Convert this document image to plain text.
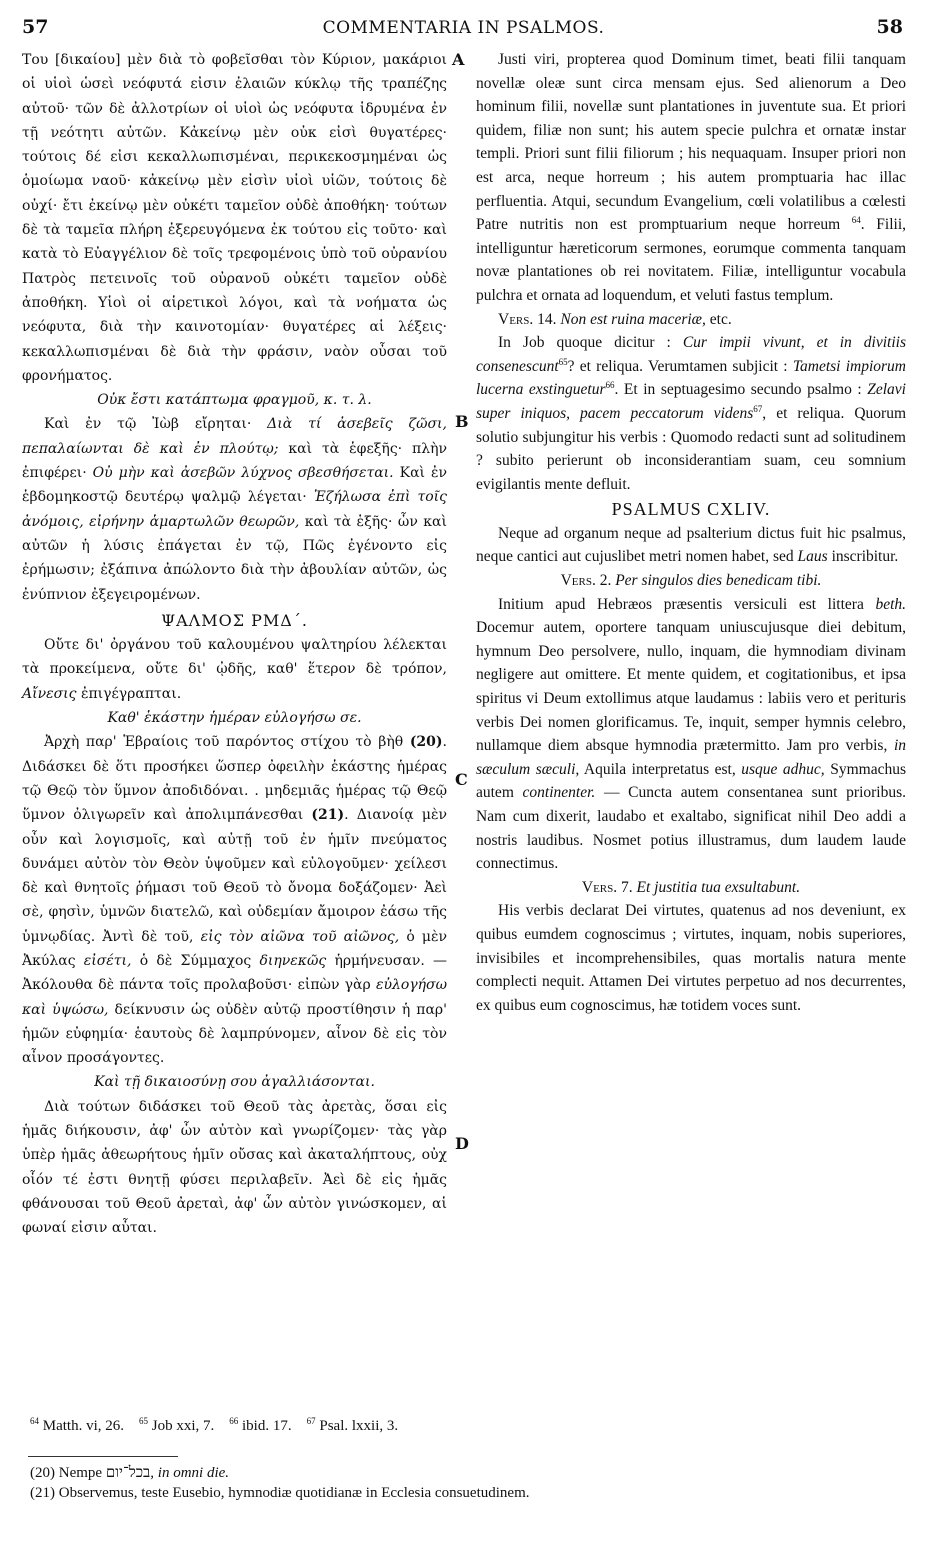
57	COMMENTARIA IN PSALMOS.	58
A
B
C
D

Του [δικαίου] μὲν διὰ τὸ φοβεῖσθαι τὸν Κύριον, μακάριοι οἱ υἱοὶ ὡσεὶ νεόφυτά εἰσιν ἐλαιῶν κύκλῳ τῆς τραπέζης αὐτοῦ· τῶν δὲ ἀλλοτρίων οἱ υἱοὶ ὡς νεόφυτα ἱδρυμένα ἐν τῇ νεότητι αὐτῶν. Κἀκείνῳ μὲν οὐκ εἰσὶ θυγατέρες· τούτοις δέ εἰσι κεκαλλωπισμέναι, περικεκοσμημέναι ὡς ὁμοίωμα ναοῦ· κἀκείνῳ μὲν εἰσὶν υἱοὶ υἱῶν, τούτοις δὲ οὐχί· ἔτι ἐκείνῳ μὲν οὐκέτι ταμεῖον οὐδὲ ἀποθήκη· τούτων δὲ τὰ ταμεῖα πλήρη ἐξερευγόμενα ἐκ τούτου εἰς τοῦτο· καὶ κατὰ τὸ Εὐαγγέλιον δὲ τοῖς τρεφομένοις ὑπὸ τοῦ οὐρανίου Πατρὸς πετεινοῖς τοῦ οὐρανοῦ οὐκέτι ταμεῖον οὐδὲ ἀποθήκη. Υἱοὶ οἱ αἱρετικοὶ λόγοι, καὶ τὰ νοήματα ὡς νεόφυτα, διὰ τὴν καινοτομίαν· θυγατέρες αἱ λέξεις· κεκαλλωπισμέναι δὲ διὰ τὴν φράσιν, ναὸν οὖσαι τοῦ φρονήματος.

Οὐκ ἔστι κατάπτωμα φραγμοῦ, κ. τ. λ.

Καὶ ἐν τῷ Ἰὼβ εἴρηται· Διὰ τί ἀσεβεῖς ζῶσι, πεπαλαίωνται δὲ καὶ ἐν πλούτῳ; καὶ τὰ ἑφεξῆς· πλὴν ἐπιφέρει· Οὐ μὴν καὶ ἀσεβῶν λύχνος σβεσθήσεται. Καὶ ἐν ἑβδομηκοστῷ δευτέρῳ ψαλμῷ λέγεται· Ἐζήλωσα ἐπὶ τοῖς ἀνόμοις, εἰρήνην ἁμαρτωλῶν θεωρῶν, καὶ τὰ ἑξῆς· ὧν καὶ αὐτῶν ἡ λύσις ἐπάγεται ἐν τῷ, Πῶς ἐγένοντο εἰς ἐρήμωσιν; ἐξάπινα ἀπώλοντο διὰ τὴν ἀβουλίαν αὐτῶν, ὡς ἐνύπνιον ἐξεγειρομένων.

ΨΑΛΜΟΣ ΡΜΔ΄.

Οὔτε δι' ὀργάνου τοῦ καλουμένου ψαλτηρίου λέλεκται τὰ προκείμενα, οὔτε δι' ᾠδῆς, καθ' ἕτερον δὲ τρόπον, Αἴνεσις ἐπιγέγραπται.

Καθ' ἑκάστην ἡμέραν εὐλογήσω σε.

Ἀρχὴ παρ' Ἑβραίοις τοῦ παρόντος στίχου τὸ βὴθ (20). Διδάσκει δὲ ὅτι προσήκει ὥσπερ ὀφειλὴν ἑκάστης ἡμέρας τῷ Θεῷ τὸν ὕμνον ἀποδιδόναι. . μηδεμιᾶς ἡμέρας τῷ Θεῷ ὕμνον ὀλιγωρεῖν καὶ ἀπολιμπάνεσθαι (21). Διανοίᾳ μὲν οὖν καὶ λογισμοῖς, καὶ αὐτῇ τοῦ ἐν ἡμῖν πνεύματος δυνάμει αὐτὸν τὸν Θεὸν ὑψοῦμεν καὶ εὐλογοῦμεν· χείλεσι δὲ καὶ θνητοῖς ῥήμασι τοῦ Θεοῦ τὸ ὄνομα δοξάζομεν· Ἀεὶ σὲ, φησὶν, ὑμνῶν διατελῶ, καὶ οὐδεμίαν ἄμοιρον ἐάσω τῆς ὑμνῳδίας. Ἀντὶ δὲ τοῦ, εἰς τὸν αἰῶνα τοῦ αἰῶνος, ὁ μὲν Ἀκύλας εἰσέτι, ὁ δὲ Σύμμαχος διηνεκῶς ἡρμήνευσαν. — Ἀκόλουθα δὲ πάντα τοῖς προλαβοῦσι· εἰπὼν γὰρ εὐλογήσω καὶ ὑψώσω, δείκνυσιν ὡς οὐδὲν αὐτῷ προστίθησιν ἡ παρ' ἡμῶν εὐφημία· ἑαυτοὺς δὲ λαμπρύνομεν, αἶνον δὲ εἰς τὸν αἶνον προσάγοντες.

Καὶ τῇ δικαιοσύνῃ σου ἀγαλλιάσονται.

Διὰ τούτων διδάσκει τοῦ Θεοῦ τὰς ἀρετὰς, ὅσαι εἰς ἡμᾶς διήκουσιν, ἀφ' ὧν αὐτὸν καὶ γνωρίζομεν· τὰς γὰρ ὑπὲρ ἡμᾶς ἀθεωρήτους ἡμῖν οὔσας καὶ ἀκαταλήπτους, οὐχ οἷόν τέ ἐστι θνητῇ φύσει περιλαβεῖν. Ἀεὶ δὲ εἰς ἡμᾶς φθάνουσαι τοῦ Θεοῦ ἀρεταὶ, ἀφ' ὧν αὐτὸν γινώσκομεν, αἱ φωναί εἰσιν αὗται.

Justi viri, propterea quod Dominum timet, beati filii tanquam novellæ oleæ sunt circa mensam ejus. Sed alienorum a Deo hominum filii, novellæ sunt plantationes in juventute sua. Et priori quidem, filiæ non sunt; his autem specie pulchra et ornatæ instar templi. Priori sunt filii filiorum ; his nequaquam. Insuper priori non est arca, neque horreum ; his autem promptuaria hac illac perfluentia. Atqui, secundum Evangelium, cœli volatilibus a cœlesti Patre nutritis non est promptuarium neque horreum $^{64}$. Filii, intelliguntur hæreticorum sermones, eorumque commenta tanquam novæ plantationes ob rei novitatem. Filiæ, intelliguntur vocabula pulchra et ornata ad loquendum, et veluti fastus templum.

Vers. 14. Non est ruina maceriæ, etc.

In Job quoque dicitur : Cur impii vivunt, et in divitiis consenescunt$^{65}$? et reliqua. Verumtamen subjicit : Tametsi impiorum lucerna exstinguetur$^{66}$. Et in septuagesimo secundo psalmo : Zelavi super iniquos, pacem peccatorum videns$^{67}$, et reliqua. Quorum solutio subjungitur his verbis : Quomodo redacti sunt ad solitudinem ? subito perierunt ob inconsiderantiam suam, ceu somnium evigilantis mente defluit.

PSALMUS CXLIV.

Neque ad organum neque ad psalterium dictus fuit hic psalmus, neque cantici aut cujuslibet metri nomen habet, sed Laus inscribitur.

Vers. 2. Per singulos dies benedicam tibi.

Initium apud Hebræos præsentis versiculi est littera beth. Docemur autem, oportere tanquam uniuscujusque diei debitum, hymnum Deo persolvere, nullo, inquam, die hymnodiam divinam negligere aut omittere. Et mente quidem, et cogitationibus, et ipsa spiritus vi Deum extollimus atque laudamus : labiis vero et perituris verbis Dei nomen glorificamus. Te, inquit, semper hymnis celebro, nullamque diem absque hymnodia prætermitto. Jam pro verbis, in sæculum sæculi, Aquila interpretatus est, usque adhuc, Symmachus autem continenter. — Cuncta autem consentanea sunt prioribus. Nam cum dixerit, laudabo et exaltabo, significat nihil Deo addi a nostris laudibus. Nosmet potius illustramus, dum laudem laude connectimus.

Vers. 7. Et justitia tua exsultabunt.

His verbis declarat Dei virtutes, quatenus ad nos deveniunt, ex quibus eumdem cognoscimus ; virtutes, inquam, nobis superiores, invisibiles et incomprehensibiles, quas mortalis natura mente complecti nequit. Attamen Dei virtutes perpetuo ad nos decurrentes, ex quibus eum cognoscimus, hæ totidem voces sunt.

$^{64}$ Matth. vi, 26. $^{65}$ Job xxi, 7. $^{66}$ ibid. 17. $^{67}$ Psal. lxxii, 3.
(20) Nempe בכל־יום, in omni die.
(21) Observemus, teste Eusebio, hymnodiæ quotidianæ in Ecclesia consuetudinem.
